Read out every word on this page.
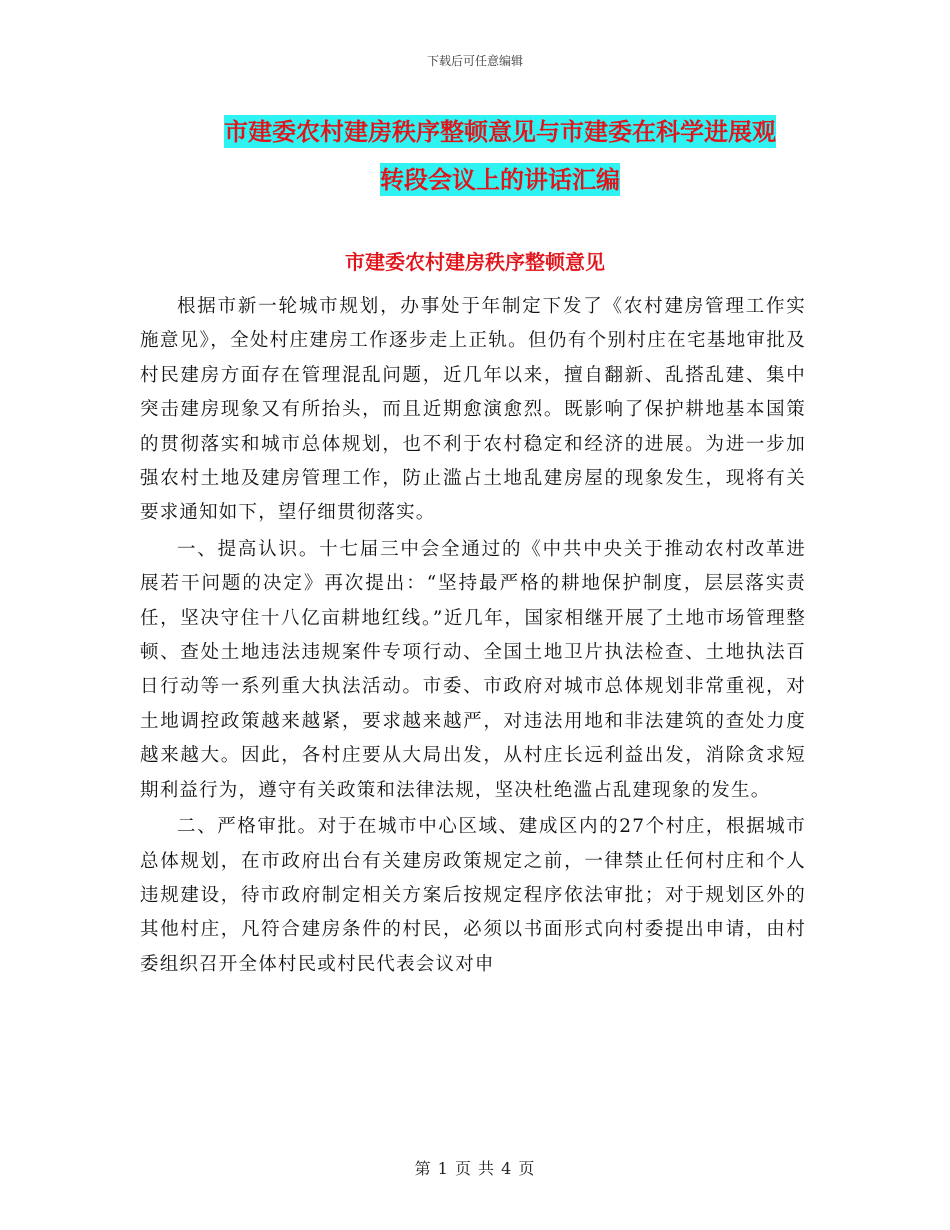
下载后可任意编辑
市建委农村建房秩序整顿意见与市建委在科学进展观
转段会议上的讲话汇编
市建委农村建房秩序整顿意见

根据市新一轮城市规划，办事处于年制定下发了《农村建房管理工作实施意见》，全处村庄建房工作逐步走上正轨。但仍有个别村庄在宅基地审批及村民建房方面存在管理混乱问题，近几年以来，擅自翻新、乱搭乱建、集中突击建房现象又有所抬头，而且近期愈演愈烈。既影响了保护耕地基本国策的贯彻落实和城市总体规划，也不利于农村稳定和经济的进展。为进一步加强农村土地及建房管理工作，防止滥占土地乱建房屋的现象发生，现将有关要求通知如下，望仔细贯彻落实。

一、提高认识。十七届三中会全通过的《中共中央关于推动农村改革进展若干问题的决定》再次提出：“坚持最严格的耕地保护制度，层层落实责任，坚决守住十八亿亩耕地红线。”近几年，国家相继开展了土地市场管理整顿、查处土地违法违规案件专项行动、全国土地卫片执法检查、土地执法百日行动等一系列重大执法活动。市委、市政府对城市总体规划非常重视，对土地调控政策越来越紧，要求越来越严，对违法用地和非法建筑的查处力度越来越大。因此，各村庄要从大局出发，从村庄长远利益出发，消除贪求短期利益行为，遵守有关政策和法律法规，坚决杜绝滥占乱建现象的发生。

二、严格审批。对于在城市中心区域、建成区内的27个村庄，根据城市总体规划，在市政府出台有关建房政策规定之前，一律禁止任何村庄和个人违规建设，待市政府制定相关方案后按规定程序依法审批；对于规划区外的其他村庄，凡符合建房条件的村民，必须以书面形式向村委提出申请，由村委组织召开全体村民或村民代表会议对申

第 1 页 共 4 页
